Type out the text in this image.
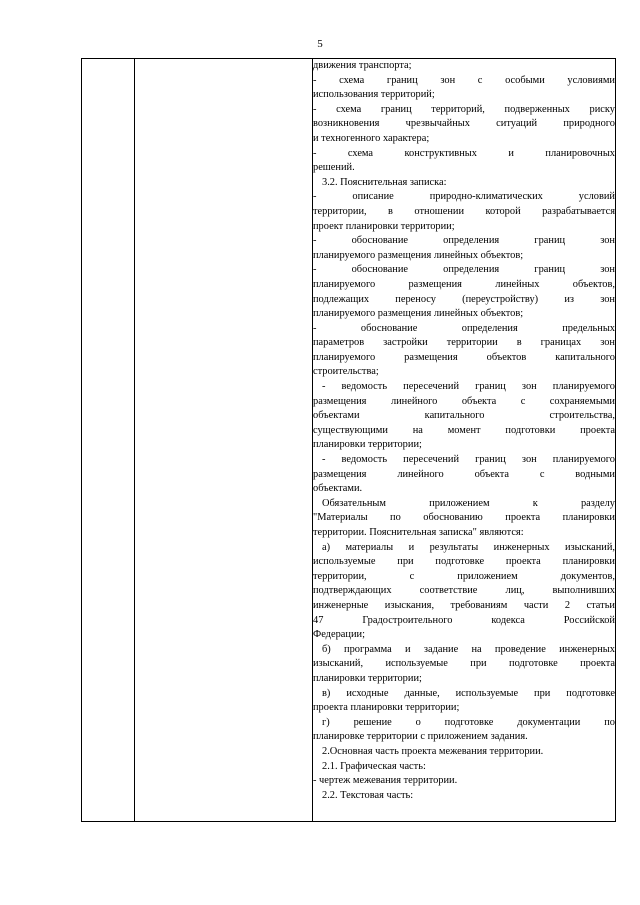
5

движения транспорта;
- схема границ зон с особыми условиями
использования территорий;
- схема границ территорий, подверженных риску
возникновения чрезвычайных ситуаций природного
и техногенного характера;
- схема конструктивных и планировочных
решений.
3.2. Пояснительная записка:
- описание природно-климатических условий
территории, в отношении которой разрабатывается
проект планировки территории;
- обоснование определения границ зон
планируемого размещения линейных объектов;
- обоснование определения границ зон
планируемого размещения линейных объектов,
подлежащих переносу (переустройству) из зон
планируемого размещения линейных объектов;
- обоснование определения предельных
параметров застройки территории в границах зон
планируемого размещения объектов капитального
строительства;
- ведомость пересечений границ зон планируемого
размещения линейного объекта с сохраняемыми
объектами капитального строительства,
существующими на момент подготовки проекта
планировки территории;
- ведомость пересечений границ зон планируемого
размещения линейного объекта с водными
объектами.
Обязательным приложением к разделу
"Материалы по обоснованию проекта планировки
территории. Пояснительная записка" являются:
а) материалы и результаты инженерных изысканий,
используемые при подготовке проекта планировки
территории, с приложением документов,
подтверждающих соответствие лиц, выполнивших
инженерные изыскания, требованиям части 2 статьи
47 Градостроительного кодекса Российской
Федерации;
б) программа и задание на проведение инженерных
изысканий, используемые при подготовке проекта
планировки территории;
в) исходные данные, используемые при подготовке
проекта планировки территории;
г) решение о подготовке документации по
планировке территории с приложением задания.
2.Основная часть проекта межевания территории.
2.1. Графическая часть:
- чертеж межевания территории.
2.2. Текстовая часть:
